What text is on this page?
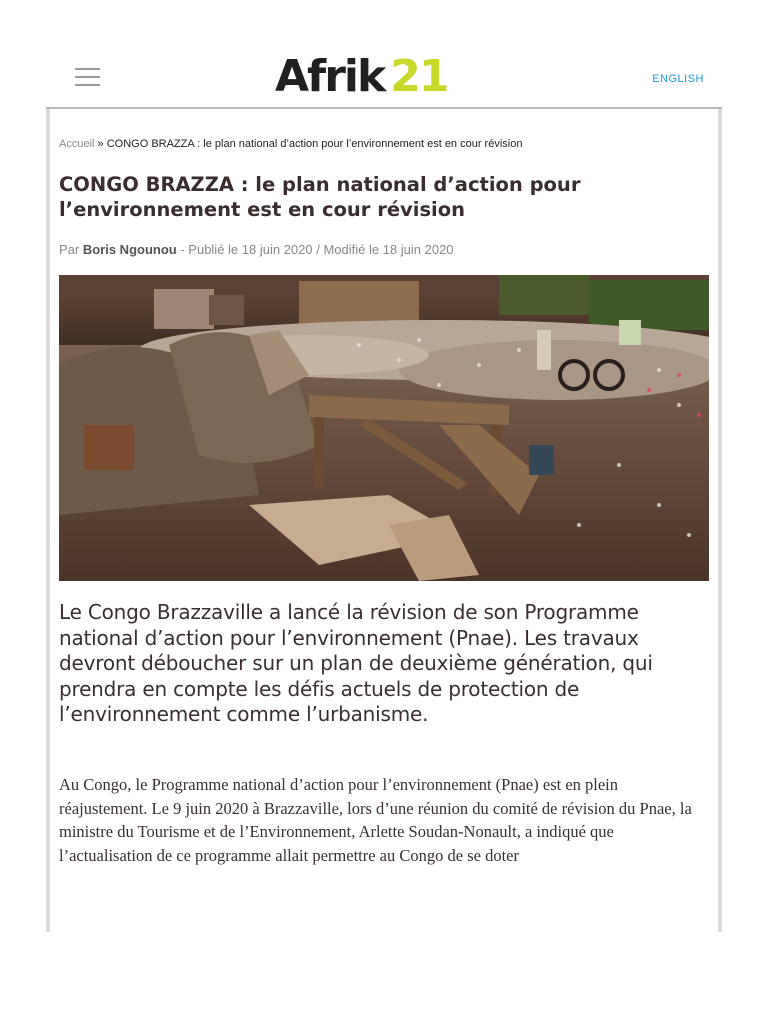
Afrik 21	ENGLISH
Accueil » CONGO BRAZZA : le plan national d’action pour l’environnement est en cour révision
CONGO BRAZZA : le plan national d’action pour l’environnement est en cour révision
Par Boris Ngounou - Publié le 18 juin 2020 / Modifié le 18 juin 2020

Le Congo Brazzaville a lancé la révision de son Programme national d’action pour l’environnement (Pnae). Les travaux devront déboucher sur un plan de deuxième génération, qui prendra en compte les défis actuels de protection de l’environnement comme l’urbanisme.

Au Congo, le Programme national d’action pour l’environnement (Pnae) est en plein réajustement. Le 9 juin 2020 à Brazzaville, lors d’une réunion du comité de révision du Pnae, la ministre du Tourisme et de l’Environnement, Arlette Soudan-Nonault, a indiqué que l’actualisation de ce programme allait permettre au Congo de se doter
